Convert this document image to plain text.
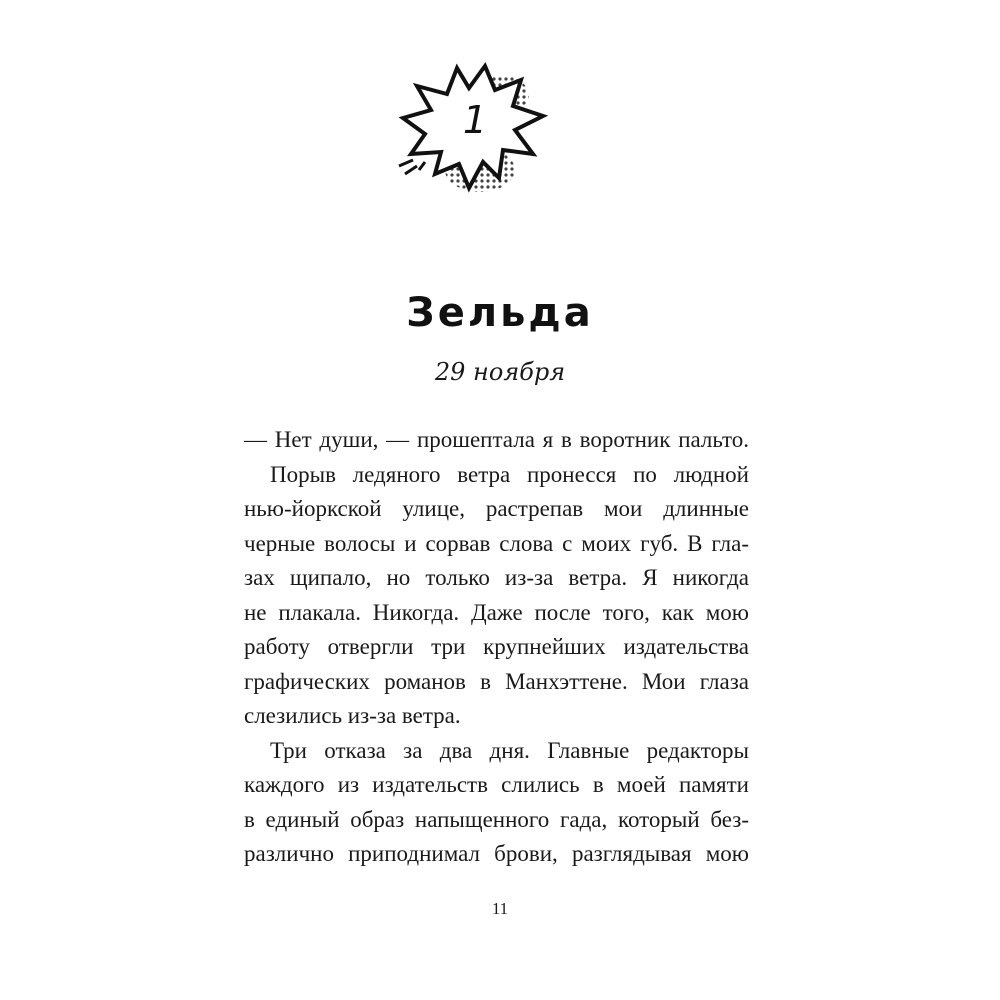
1
Зельда
29 ноября
— Нет души, — прошептала я в воротник пальто.
Порыв ледяного ветра пронесся по людной
нью-йоркской улице, растрепав мои длинные
черные волосы и сорвав слова с моих губ. В гла-
зах щипало, но только из-за ветра. Я никогда
не плакала. Никогда. Даже после того, как мою
работу отвергли три крупнейших издательства
графических романов в Манхэттене. Мои глаза
слезились из-за ветра.
Три отказа за два дня. Главные редакторы
каждого из издательств слились в моей памяти
в единый образ напыщенного гада, который без-
различно приподнимал брови, разглядывая мою
11
